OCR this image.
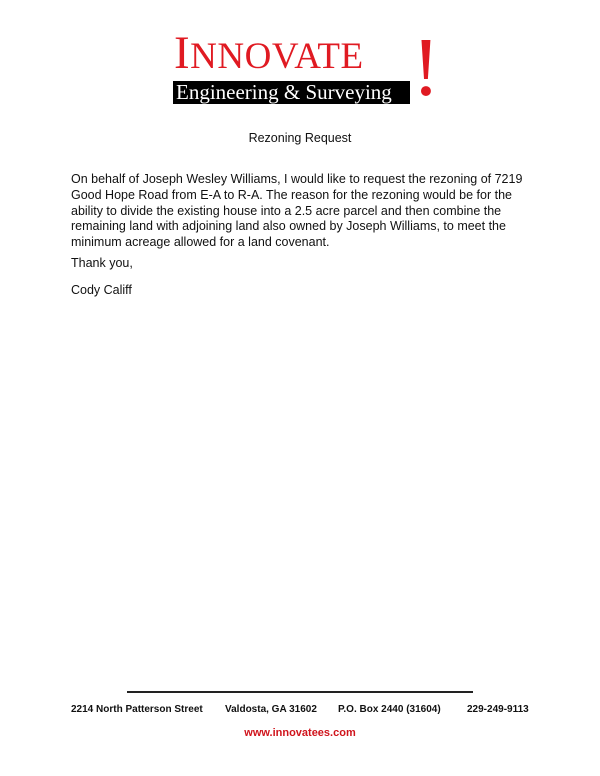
INNOVATE
Engineering & Surveying !
Rezoning Request
On behalf of Joseph Wesley Williams, I would like to request the rezoning of 7219 Good Hope Road from E-A to R-A. The reason for the rezoning would be for the ability to divide the existing house into a 2.5 acre parcel and then combine the remaining land with adjoining land also owned by Joseph Williams, to meet the minimum acreage allowed for a land covenant.
Thank you,
Cody Califf
2214 North Patterson Street Valdosta, GA 31602 P.O. Box 2440 (31604)	229-249-9113
www.innovatees.com
